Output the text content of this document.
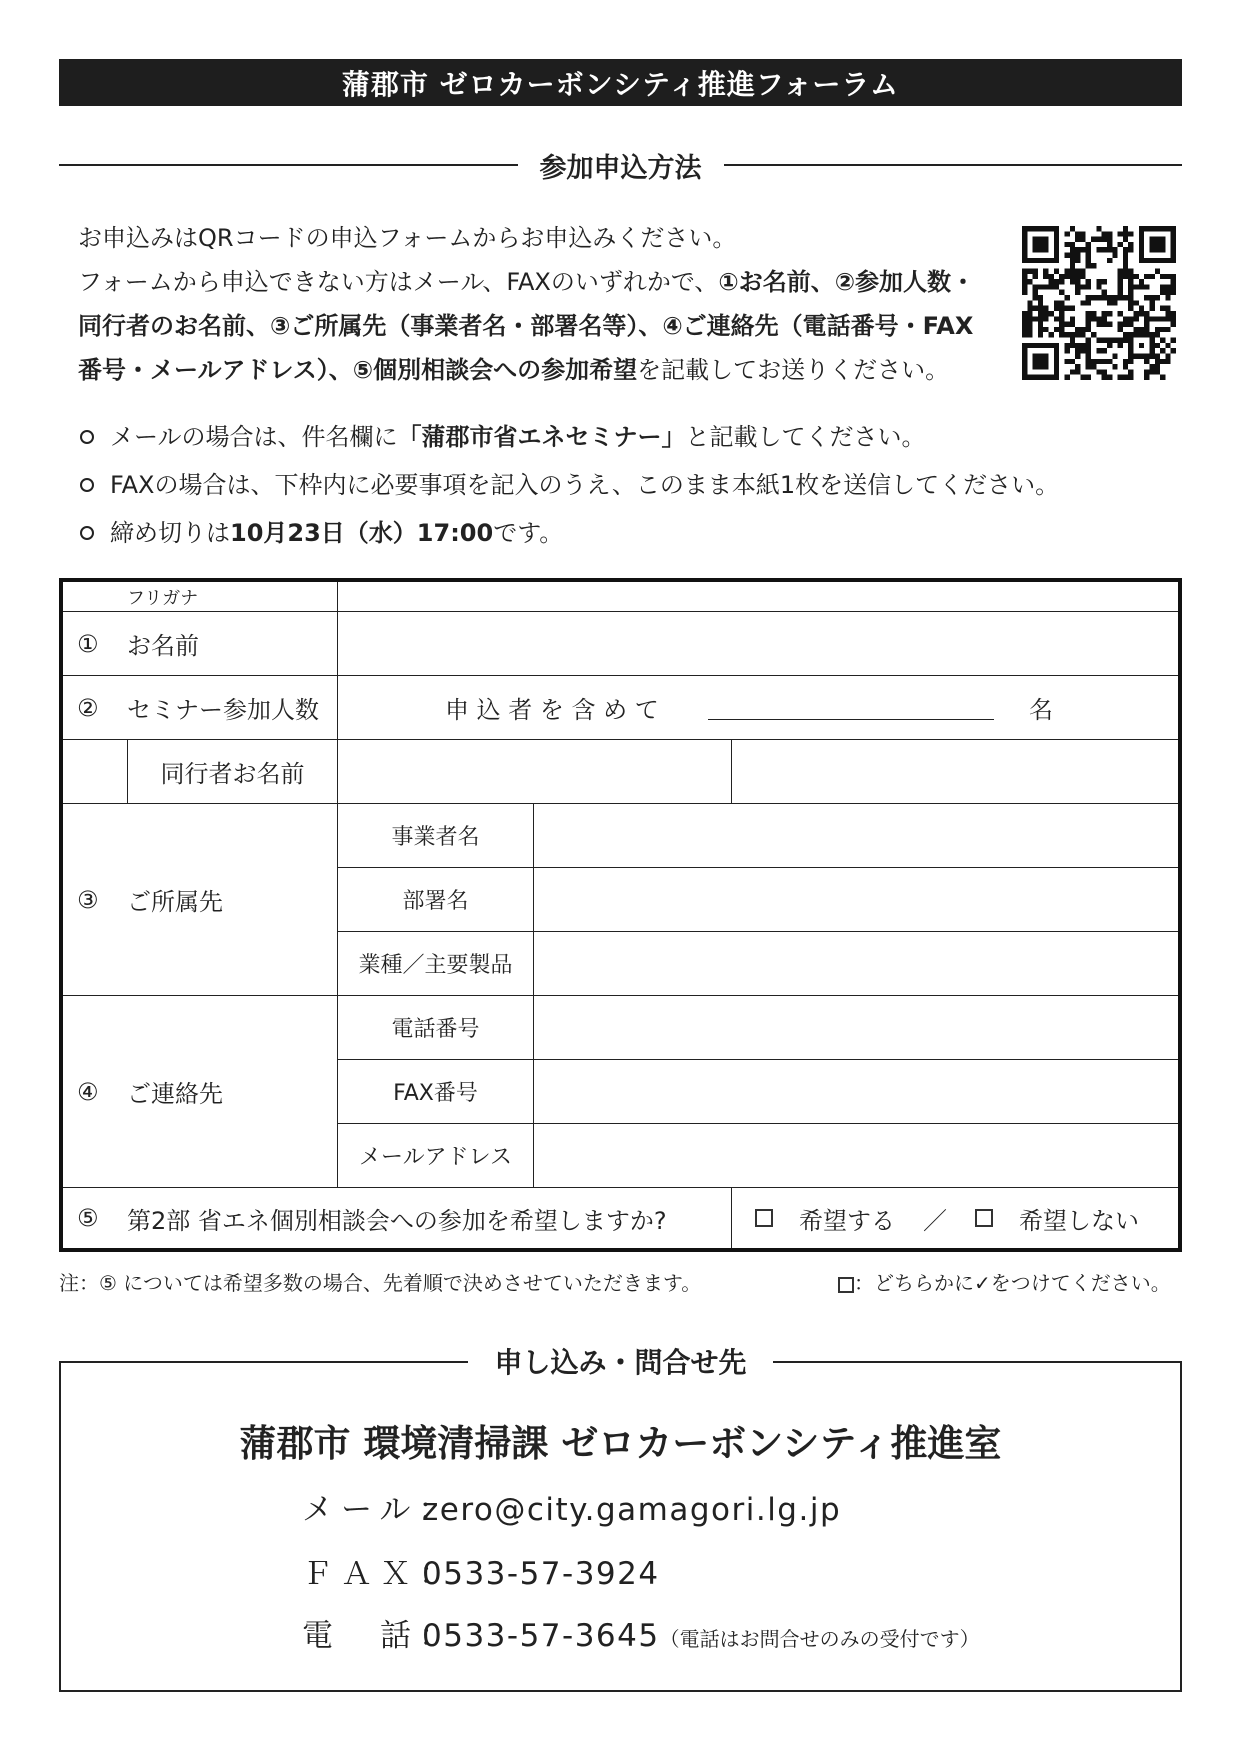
蒲郡市 ゼロカーボンシティ推進フォーラム
参加申込方法
お申込みはQRコードの申込フォームからお申込みください。
フォームから申込できない方はメール、FAXのいずれかで、①お名前、②参加人数・
同行者のお名前、③ご所属先（事業者名・部署名等）、④ご連絡先（電話番号・FAX
番号・メールアドレス）、⑤個別相談会への参加希望を記載してお送りください。
メールの場合は、件名欄に 「蒲郡市省エネセミナー」 と記載してください。
FAXの場合は、下枠内に必要事項を記入のうえ、このまま本紙1枚を送信してください。
締め切りは 10月23日（水）17:00 です。
フリガナ
① お名前
② セミナー参加人数	申 込 者 を 含 め て	名
同行者お名前
③ ご所属先
事業者名
部署名
業種／主要製品
④ ご連絡先
電話番号
FAX番号
メールアドレス
⑤ 第2部 省エネ個別相談会への参加を希望しますか?	希望する ／	希望しない
注：⑤ については希望多数の場合、先着順で決めさせていただきます。	：どちらかに✓をつけてください。
申し込み・問合せ先
蒲郡市 環境清掃課 ゼロカーボンシティ推進室
メール：zero@city.gamagori.lg.jp
ＦＡＸ：0533-57-3924
電　話：0533-57-3645（電話はお問合せのみの受付です）
